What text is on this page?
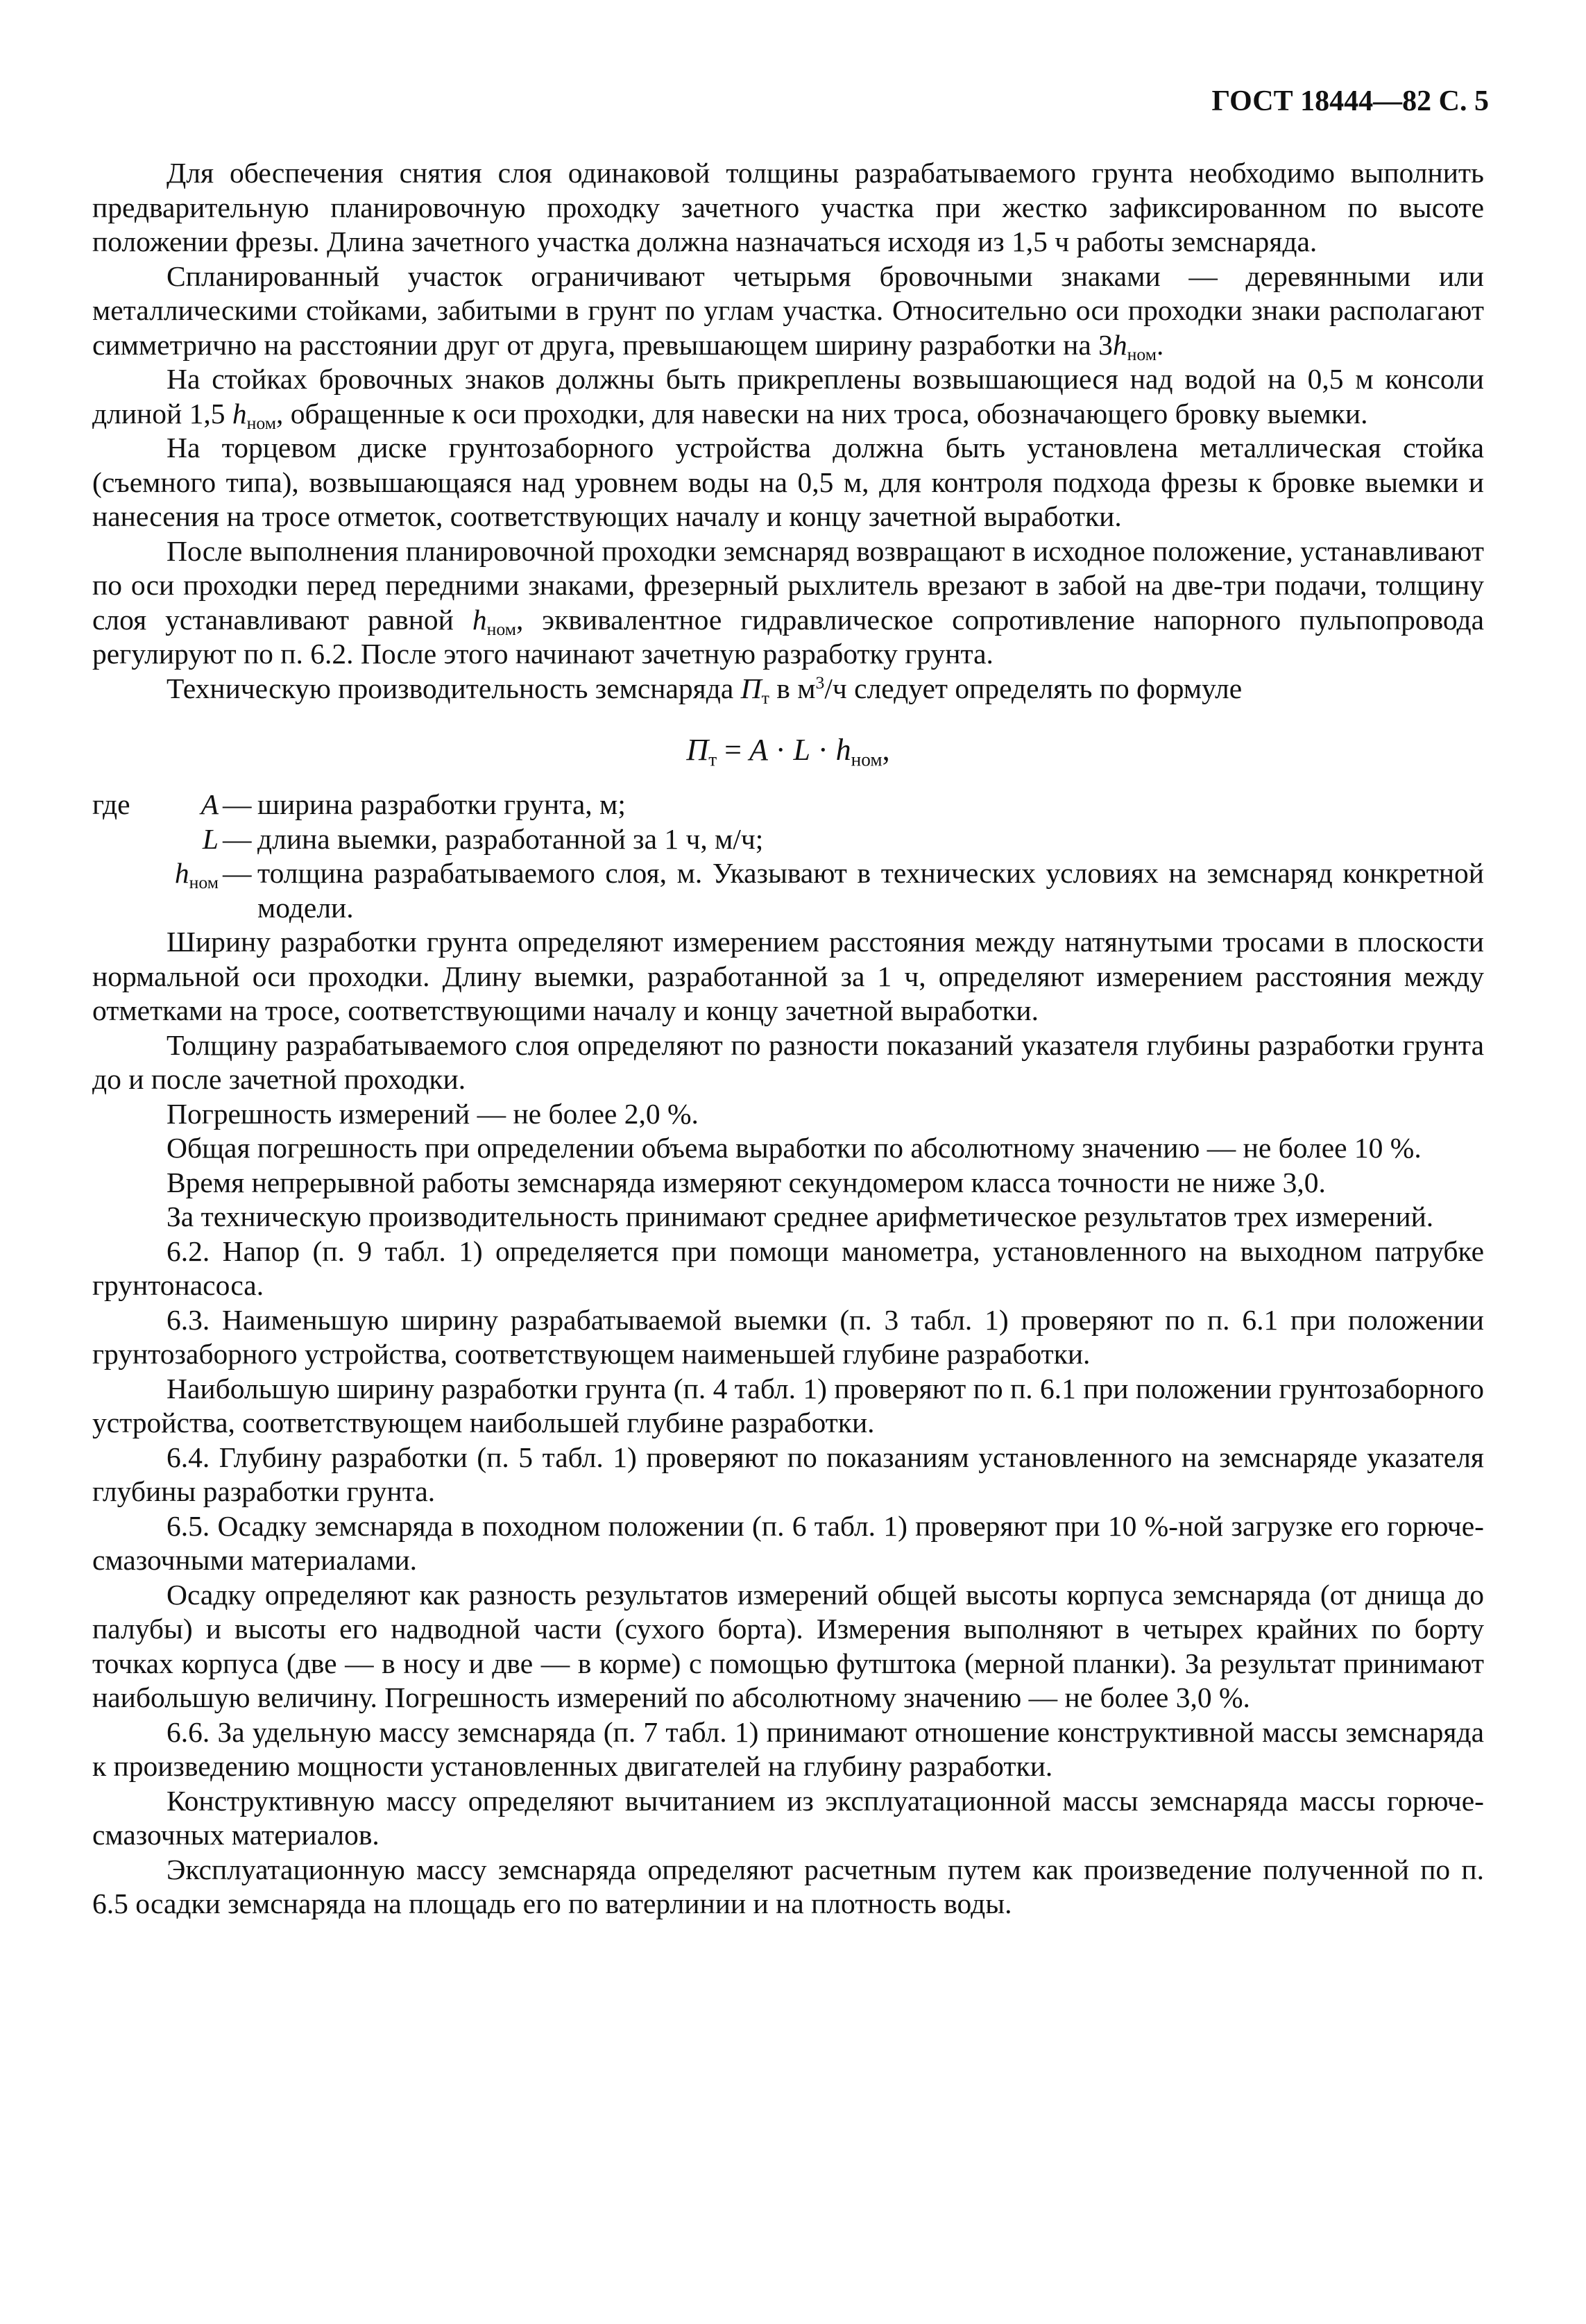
ГОСТ 18444—82 С. 5

Для обеспечения снятия слоя одинаковой толщины разрабатываемого грунта необходимо выполнить предварительную планировочную проходку зачетного участка при жестко зафиксированном по высоте положении фрезы. Длина зачетного участка должна назначаться исходя из 1,5 ч работы земснаряда.

Спланированный участок ограничивают четырьмя бровочными знаками — деревянными или металлическими стойками, забитыми в грунт по углам участка. Относительно оси проходки знаки располагают симметрично на расстоянии друг от друга, превышающем ширину разработки на $3h_{ном}$.

На стойках бровочных знаков должны быть прикреплены возвышающиеся над водой на 0,5 м консоли длиной 1,5 $h_{ном}$, обращенные к оси проходки, для навески на них троса, обозначающего бровку выемки.

На торцевом диске грунтозаборного устройства должна быть установлена металлическая стойка (съемного типа), возвышающаяся над уровнем воды на 0,5 м, для контроля подхода фрезы к бровке выемки и нанесения на тросе отметок, соответствующих началу и концу зачетной выработки.

После выполнения планировочной проходки земснаряд возвращают в исходное положение, устанавливают по оси проходки перед передними знаками, фрезерный рыхлитель врезают в забой на две-три подачи, толщину слоя устанавливают равной $h_{ном}$, эквивалентное гидравлическое сопротивление напорного пульпопровода регулируют по п. 6.2. После этого начинают зачетную разработку грунта.

Техническую производительность земснаряда $П_т$ в $м^3/ч$ следует определять по формуле

$П_т = A \cdot L \cdot h_{ном}$,
где A — ширина разработки грунта, м;
L — длина выемки, разработанной за 1 ч, м/ч;
$h_{ном}$ — толщина разрабатываемого слоя, м. Указывают в технических условиях на земснаряд конкретной модели.

Ширину разработки грунта определяют измерением расстояния между натянутыми тросами в плоскости нормальной оси проходки. Длину выемки, разработанной за 1 ч, определяют измерением расстояния между отметками на тросе, соответствующими началу и концу зачетной выработки.

Толщину разрабатываемого слоя определяют по разности показаний указателя глубины разработки грунта до и после зачетной проходки.

Погрешность измерений — не более 2,0 %.

Общая погрешность при определении объема выработки по абсолютному значению — не более 10 %.

Время непрерывной работы земснаряда измеряют секундомером класса точности не ниже 3,0.

За техническую производительность принимают среднее арифметическое результатов трех измерений.

6.2. Напор (п. 9 табл. 1) определяется при помощи манометра, установленного на выходном патрубке грунтонасоса.

6.3. Наименьшую ширину разрабатываемой выемки (п. 3 табл. 1) проверяют по п. 6.1 при положении грунтозаборного устройства, соответствующем наименьшей глубине разработки.

Наибольшую ширину разработки грунта (п. 4 табл. 1) проверяют по п. 6.1 при положении грунтозаборного устройства, соответствующем наибольшей глубине разработки.

6.4. Глубину разработки (п. 5 табл. 1) проверяют по показаниям установленного на земснаряде указателя глубины разработки грунта.

6.5. Осадку земснаряда в походном положении (п. 6 табл. 1) проверяют при 10 %-ной загрузке его горюче-смазочными материалами.

Осадку определяют как разность результатов измерений общей высоты корпуса земснаряда (от днища до палубы) и высоты его надводной части (сухого борта). Измерения выполняют в четырех крайних по борту точках корпуса (две — в носу и две — в корме) с помощью футштока (мерной планки). За результат принимают наибольшую величину. Погрешность измерений по абсолютному значению — не более 3,0 %.

6.6. За удельную массу земснаряда (п. 7 табл. 1) принимают отношение конструктивной массы земснаряда к произведению мощности установленных двигателей на глубину разработки.

Конструктивную массу определяют вычитанием из эксплуатационной массы земснаряда массы горюче-смазочных материалов.

Эксплуатационную массу земснаряда определяют расчетным путем как произведение полученной по п. 6.5 осадки земснаряда на площадь его по ватерлинии и на плотность воды.
